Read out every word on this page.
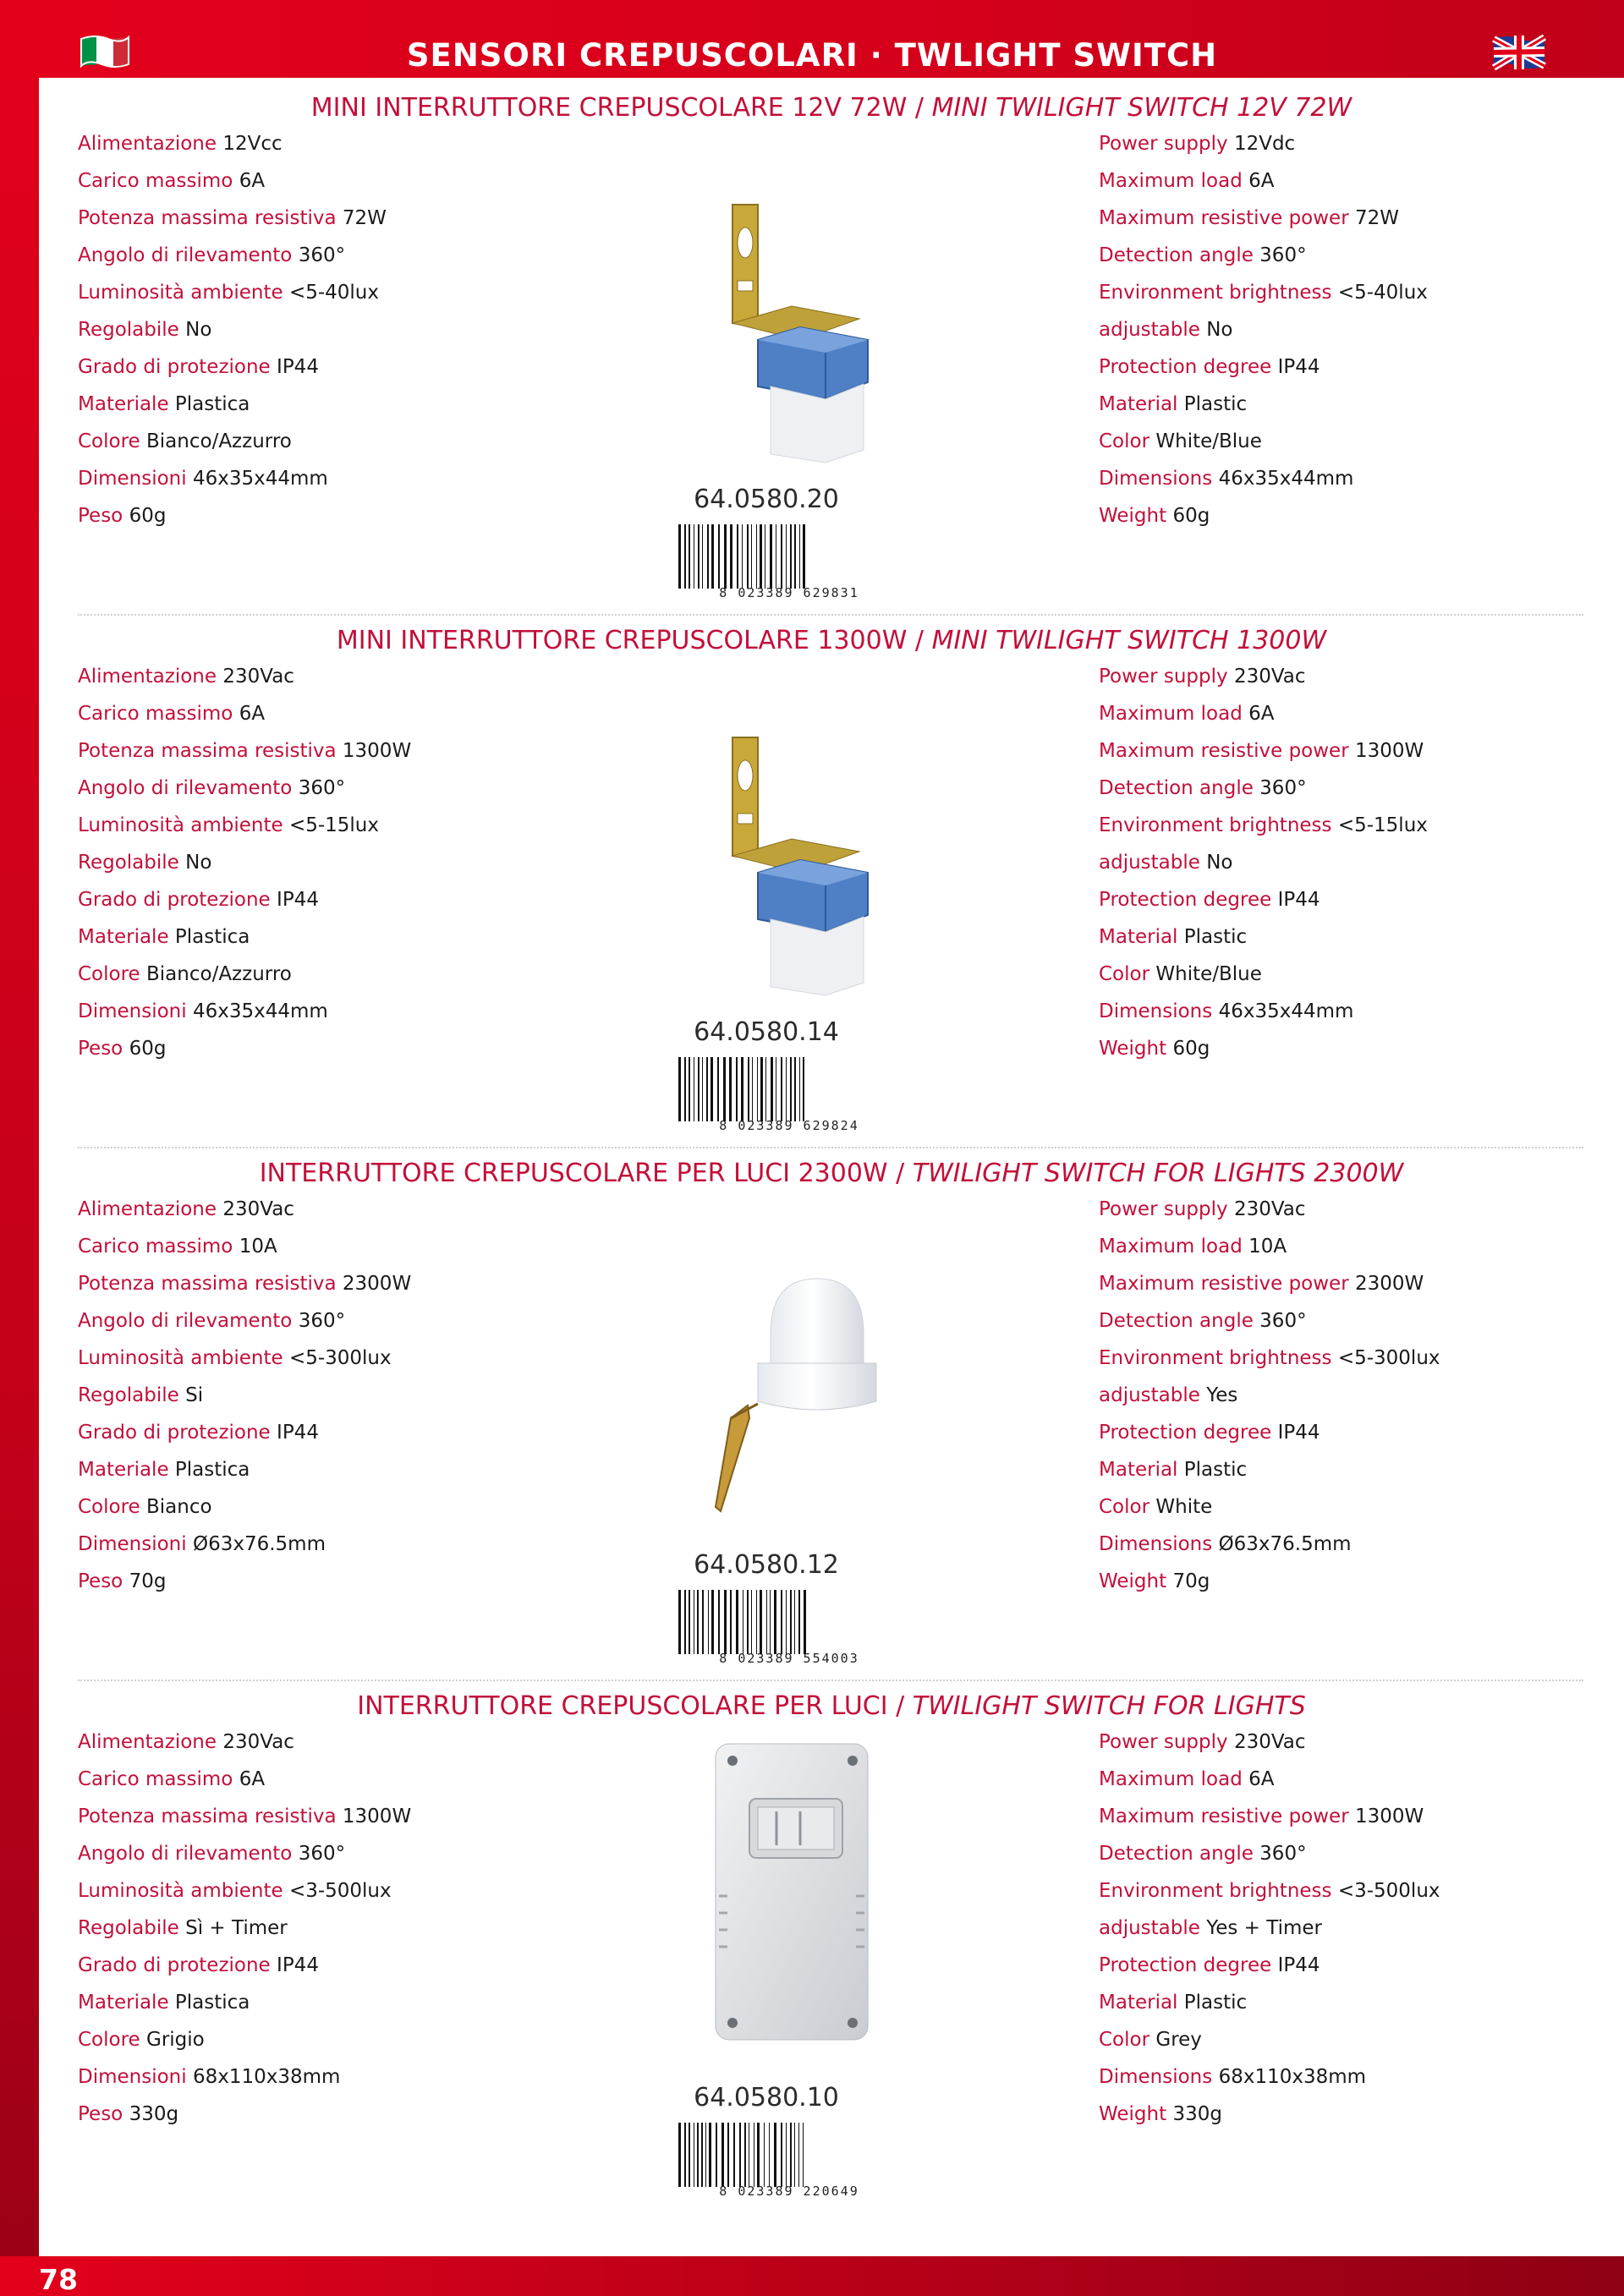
SENSORI CREPUSCOLARI · TWLIGHT SWITCH
MINI INTERRUTTORE CREPUSCOLARE 12V 72W / MINI TWILIGHT SWITCH 12V 72W
Alimentazione 12Vcc
Carico massimo 6A
Potenza massima resistiva 72W
Angolo di rilevamento 360°
Luminosità ambiente <5-40lux
Regolabile No
Grado di protezione IP44
Materiale Plastica
Colore Bianco/Azzurro
Dimensioni 46x35x44mm
Peso 60g
64.0580.20
8 023389 629831
Power supply 12Vdc
Maximum load 6A
Maximum resistive power 72W
Detection angle 360°
Environment brightness <5-40lux
adjustable No
Protection degree IP44
Material Plastic
Color White/Blue
Dimensions 46x35x44mm
Weight 60g
MINI INTERRUTTORE CREPUSCOLARE 1300W / MINI TWILIGHT SWITCH 1300W
Alimentazione 230Vac
Carico massimo 6A
Potenza massima resistiva 1300W
Angolo di rilevamento 360°
Luminosità ambiente <5-15lux
Regolabile No
Grado di protezione IP44
Materiale Plastica
Colore Bianco/Azzurro
Dimensioni 46x35x44mm
Peso 60g
64.0580.14
8 023389 629824
Power supply 230Vac
Maximum load 6A
Maximum resistive power 1300W
Detection angle 360°
Environment brightness <5-15lux
adjustable No
Protection degree IP44
Material Plastic
Color White/Blue
Dimensions 46x35x44mm
Weight 60g
INTERRUTTORE CREPUSCOLARE PER LUCI 2300W / TWILIGHT SWITCH FOR LIGHTS 2300W
Alimentazione 230Vac
Carico massimo 10A
Potenza massima resistiva 2300W
Angolo di rilevamento 360°
Luminosità ambiente <5-300lux
Regolabile Si
Grado di protezione IP44
Materiale Plastica
Colore Bianco
Dimensioni Ø63x76.5mm
Peso 70g
64.0580.12
8 023389 554003
Power supply 230Vac
Maximum load 10A
Maximum resistive power 2300W
Detection angle 360°
Environment brightness <5-300lux
adjustable Yes
Protection degree IP44
Material Plastic
Color White
Dimensions Ø63x76.5mm
Weight 70g
INTERRUTTORE CREPUSCOLARE PER LUCI / TWILIGHT SWITCH FOR LIGHTS
Alimentazione 230Vac
Carico massimo 6A
Potenza massima resistiva 1300W
Angolo di rilevamento 360°
Luminosità ambiente <3-500lux
Regolabile Sì + Timer
Grado di protezione IP44
Materiale Plastica
Colore Grigio
Dimensioni 68x110x38mm
Peso 330g
64.0580.10
8 023389 220649
Power supply 230Vac
Maximum load 6A
Maximum resistive power 1300W
Detection angle 360°
Environment brightness <3-500lux
adjustable Yes + Timer
Protection degree IP44
Material Plastic
Color Grey
Dimensions 68x110x38mm
Weight 330g
78
